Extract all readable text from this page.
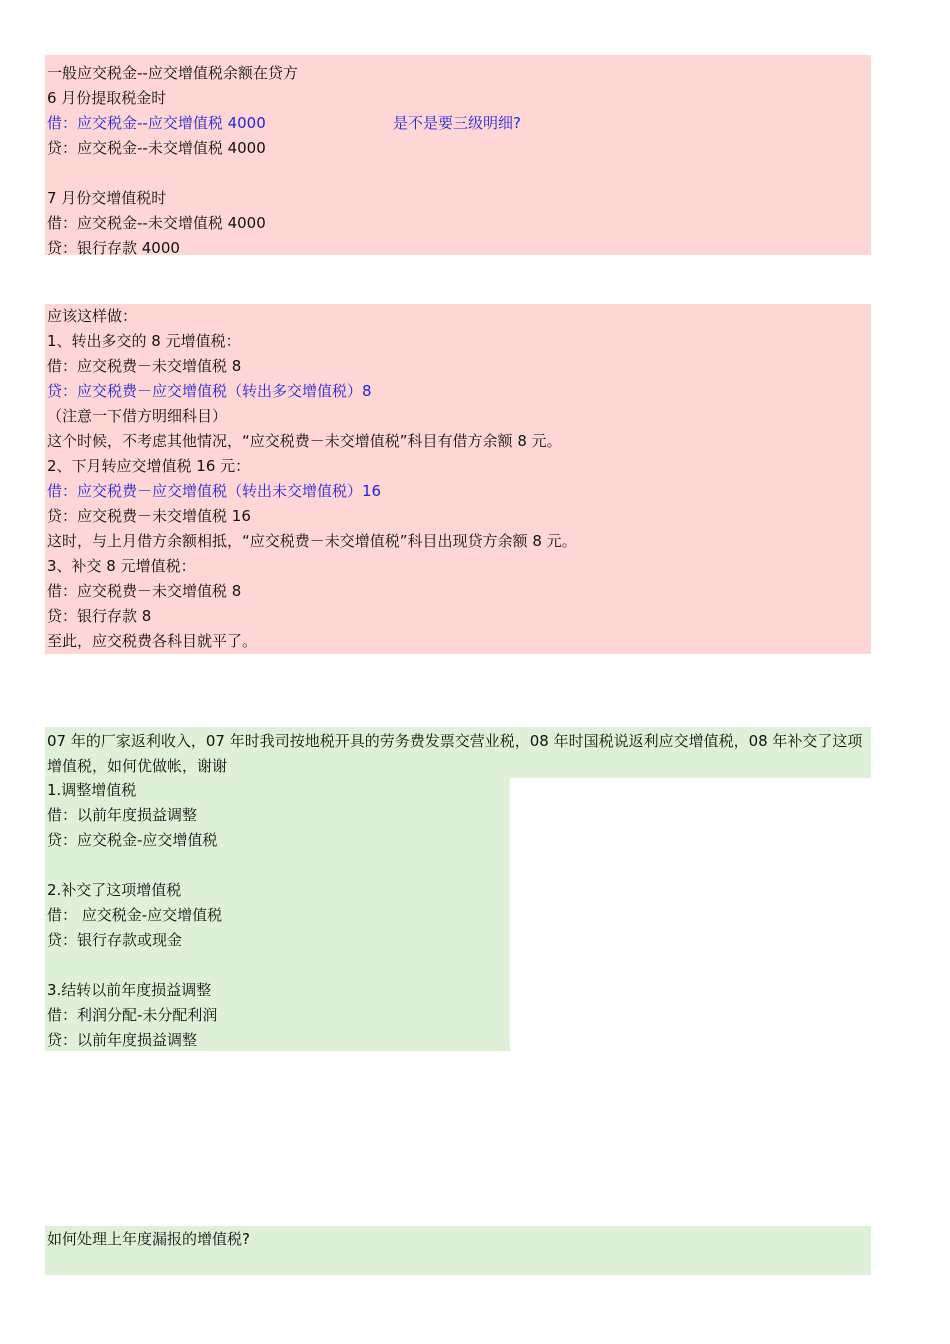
一般应交税金--应交增值税余额在贷方
6 月份提取税金时
借：应交税金--应交增值税 4000	是不是要三级明细?
贷：应交税金--未交增值税 4000
7 月份交增值税时
借：应交税金--未交增值税 4000
贷：银行存款 4000
应该这样做：
1、转出多交的 8 元增值税：
借：应交税费－未交增值税 8
贷：应交税费－应交增值税（转出多交增值税）8
（注意一下借方明细科目）
这个时候，不考虑其他情况，“应交税费－未交增值税”科目有借方余额 8 元。
2、下月转应交增值税 16 元：
借：应交税费－应交增值税（转出未交增值税）16
贷：应交税费－未交增值税 16
这时，与上月借方余额相抵，“应交税费－未交增值税”科目出现贷方余额 8 元。
3、补交 8 元增值税：
借：应交税费－未交增值税 8
贷：银行存款 8
至此，应交税费各科目就平了。
07 年的厂家返利收入，07 年时我司按地税开具的劳务费发票交营业税，08 年时国税说返利应交增值税，08 年补交了这项增值税，如何优做帐，谢谢
1.调整增值税
借：以前年度损益调整
贷：应交税金-应交增值税
2.补交了这项增值税
借： 应交税金-应交增值税
贷：银行存款或现金
3.结转以前年度损益调整
借：利润分配-未分配利润
贷：以前年度损益调整
如何处理上年度漏报的增值税?
